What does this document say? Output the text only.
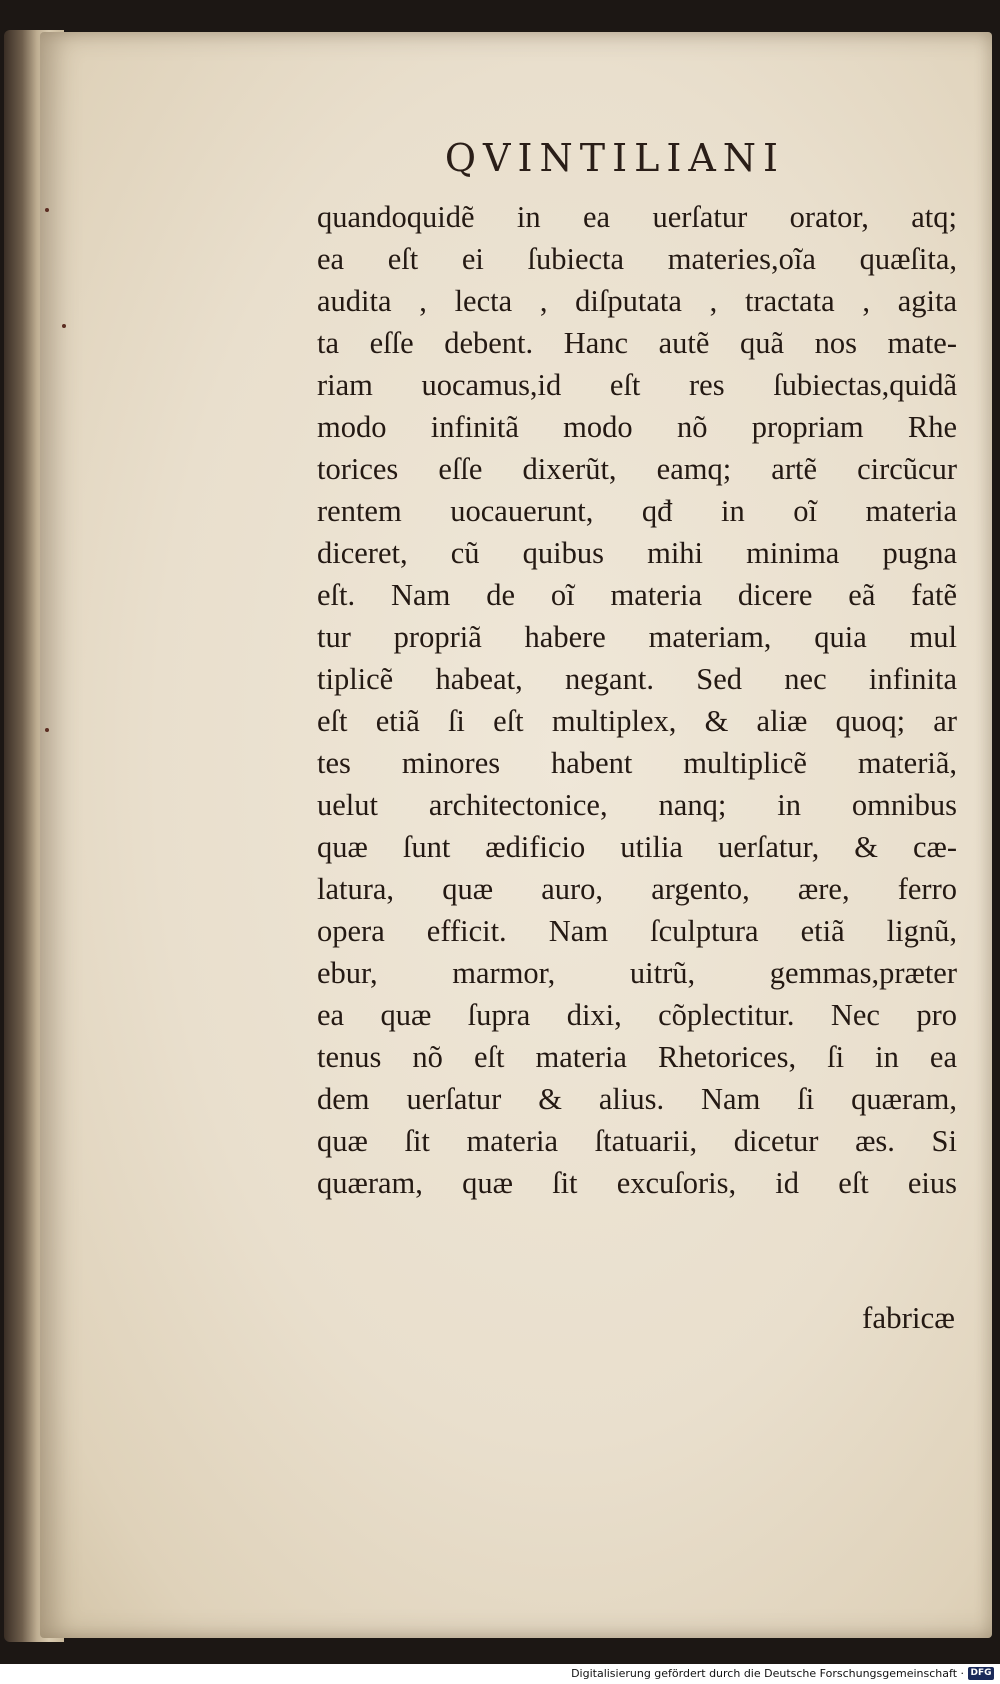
QVINTILIANI
quandoquidẽ in ea uerſatur orator, atq;
ea eſt ei ſubiecta materies,oĩa quæſita,
audita , lecta , diſputata , tractata , agita
ta eſſe debent. Hanc autẽ quã nos mate-
riam uocamus,id eſt res ſubiectas,quidã
modo infinitã modo nõ propriam Rhe
torices eſſe dixerũt, eamq; artẽ circũcur
rentem uocauerunt, qđ in oĩ materia
diceret, cũ quibus mihi minima pugna
eſt. Nam de oĩ materia dicere eã fatẽ
tur propriã habere materiam, quia mul
tiplicẽ habeat, negant. Sed nec infinita
eſt etiã ſi eſt multiplex, & aliæ quoq; ar
tes minores habent multiplicẽ materiã,
uelut architectonice, nanq; in omnibus
quæ ſunt ædificio utilia uerſatur, & cæ-
latura, quæ auro, argento, ære, ferro
opera efficit. Nam ſculptura etiã lignũ,
ebur, marmor, uitrũ, gemmas,præter
ea quæ ſupra dixi, cõplectitur. Nec pro
tenus nõ eſt materia Rhetorices, ſi in ea
dem uerſatur & alius. Nam ſi quæram,
quæ ſit materia ſtatuarii, dicetur æs. Si
quæram, quæ ſit excuſoris, id eſt eius
fabricæ
Digitalisierung gefördert durch die Deutsche Forschungsgemeinschaft · DFG
